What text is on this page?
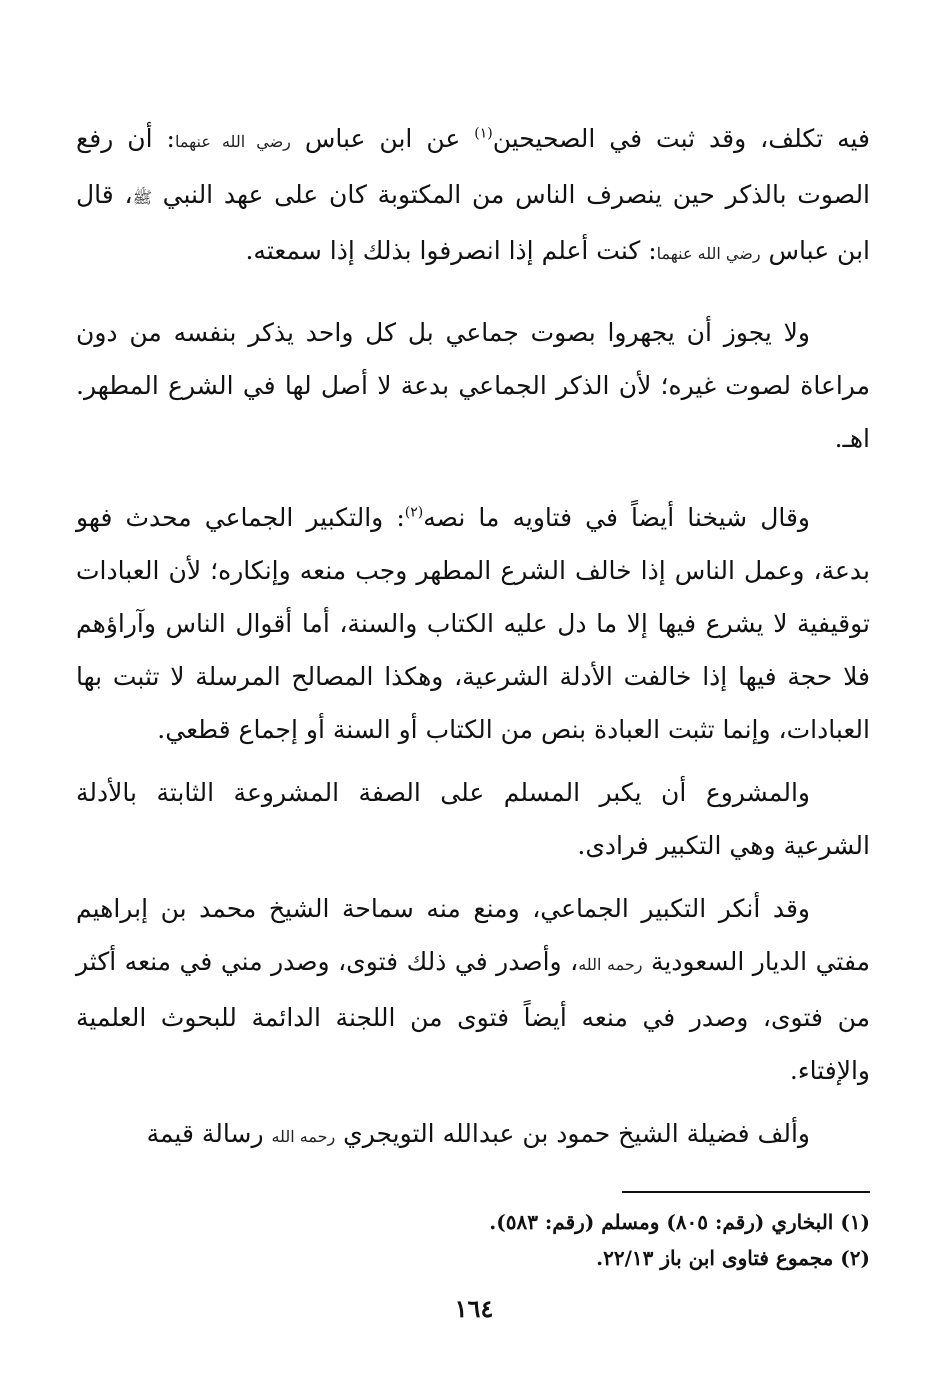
فيه تكلف، وقد ثبت في الصحيحين$^{(١)}$ عن ابن عباس رضي الله عنهما: أن رفع الصوت بالذكر حين ينصرف الناس من المكتوبة كان على عهد النبي ﷺ، قال ابن عباس رضي الله عنهما: كنت أعلم إذا انصرفوا بذلك إذا سمعته.

ولا يجوز أن يجهروا بصوت جماعي بل كل واحد يذكر بنفسه من دون مراعاة لصوت غيره؛ لأن الذكر الجماعي بدعة لا أصل لها في الشرع المطهر. اهـ.

وقال شيخنا أيضاً في فتاويه ما نصه$^{(٢)}$: والتكبير الجماعي محدث فهو بدعة، وعمل الناس إذا خالف الشرع المطهر وجب منعه وإنكاره؛ لأن العبادات توقيفية لا يشرع فيها إلا ما دل عليه الكتاب والسنة، أما أقوال الناس وآراؤهم فلا حجة فيها إذا خالفت الأدلة الشرعية، وهكذا المصالح المرسلة لا تثبت بها العبادات، وإنما تثبت العبادة بنص من الكتاب أو السنة أو إجماع قطعي.

والمشروع أن يكبر المسلم على الصفة المشروعة الثابتة بالأدلة الشرعية وهي التكبير فرادى.

وقد أنكر التكبير الجماعي، ومنع منه سماحة الشيخ محمد بن إبراهيم مفتي الديار السعودية رحمه الله، وأصدر في ذلك فتوى، وصدر مني في منعه أكثر من فتوى، وصدر في منعه أيضاً فتوى من اللجنة الدائمة للبحوث العلمية والإفتاء.

وألف فضيلة الشيخ حمود بن عبدالله التويجري رحمه الله رسالة قيمة

(١) البخاري (رقم: ٨٠٥) ومسلم (رقم: ٥٨٣).

(٢) مجموع فتاوى ابن باز ٢٢/١٣.

١٦٤
